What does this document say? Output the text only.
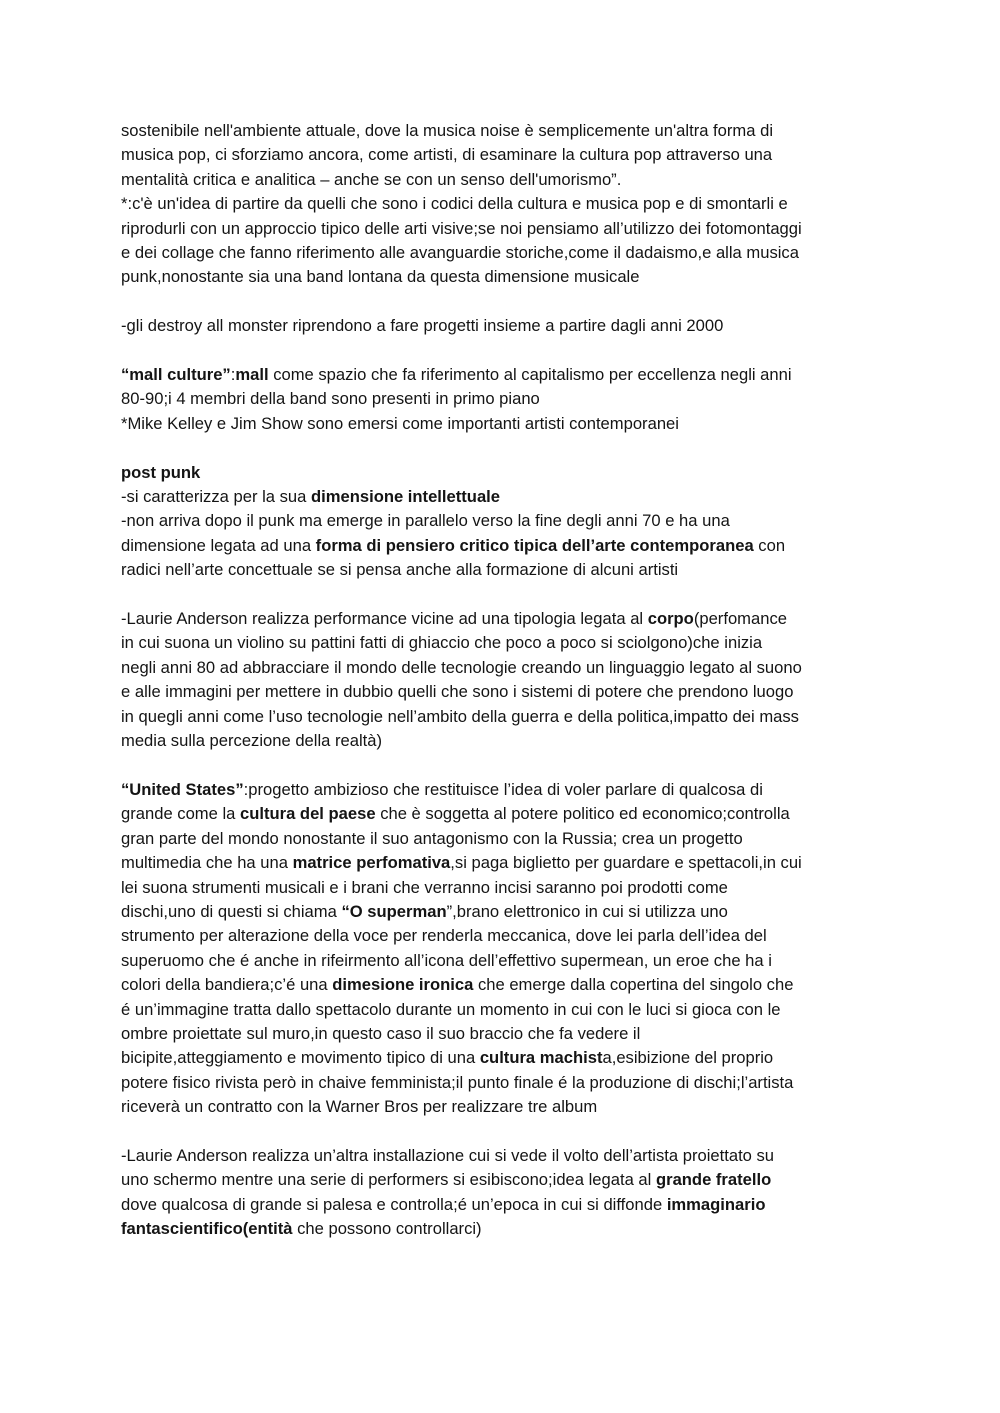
sostenibile nell'ambiente attuale, dove la musica noise è semplicemente un'altra forma di
musica pop, ci sforziamo ancora, come artisti, di esaminare la cultura pop attraverso una
mentalità critica e analitica – anche se con un senso dell'umorismo”.
*:c'è un'idea di partire da quelli che sono i codici della cultura e musica pop e di smontarli e
riprodurli con un approccio tipico delle arti visive;se noi pensiamo all’utilizzo dei fotomontaggi
e dei collage che fanno riferimento alle avanguardie storiche,come il dadaismo,e alla musica
punk,nonostante sia una band lontana da questa dimensione musicale
-gli destroy all monster riprendono a fare progetti insieme a partire dagli anni 2000
“mall culture”:mall come spazio che fa riferimento al capitalismo per eccellenza negli anni
80-90;i 4 membri della band sono presenti in primo piano
*Mike Kelley e Jim Show sono emersi come importanti artisti contemporanei
post punk
-si caratterizza per la sua dimensione intellettuale
-non arriva dopo il punk ma emerge in parallelo verso la fine degli anni 70 e ha una
dimensione legata ad una forma di pensiero critico tipica dell’arte contemporanea con
radici nell’arte concettuale se si pensa anche alla formazione di alcuni artisti
-Laurie Anderson realizza performance vicine ad una tipologia legata al corpo(perfomance
in cui suona un violino su pattini fatti di ghiaccio che poco a poco si sciolgono)che inizia
negli anni 80 ad abbracciare il mondo delle tecnologie creando un linguaggio legato al suono
e alle immagini per mettere in dubbio quelli che sono i sistemi di potere che prendono luogo
in quegli anni come l’uso tecnologie nell’ambito della guerra e della politica,impatto dei mass
media sulla percezione della realtà)
“United States”:progetto ambizioso che restituisce l’idea di voler parlare di qualcosa di
grande come la cultura del paese che è soggetta al potere politico ed economico;controlla
gran parte del mondo nonostante il suo antagonismo con la Russia; crea un progetto
multimedia che ha una matrice perfomativa,si paga biglietto per guardare e spettacoli,in cui
lei suona strumenti musicali e i brani che verranno incisi saranno poi prodotti come
dischi,uno di questi si chiama “O superman”,brano elettronico in cui si utilizza uno
strumento per alterazione della voce per renderla meccanica, dove lei parla dell’idea del
superuomo che é anche in rifeirmento all’icona dell’effettivo supermean, un eroe che ha i
colori della bandiera;c’é una dimesione ironica che emerge dalla copertina del singolo che
é un’immagine tratta dallo spettacolo durante un momento in cui con le luci si gioca con le
ombre proiettate sul muro,in questo caso il suo braccio che fa vedere il
bicipite,atteggiamento e movimento tipico di una cultura machista,esibizione del proprio
potere fisico rivista però in chaive femminista;il punto finale é la produzione di dischi;l’artista
riceverà un contratto con la Warner Bros per realizzare tre album
-Laurie Anderson realizza un’altra installazione cui si vede il volto dell’artista proiettato su
uno schermo mentre una serie di performers si esibiscono;idea legata al grande fratello
dove qualcosa di grande si palesa e controlla;é un’epoca in cui si diffonde immaginario
fantascientifico(entità che possono controllarci)
